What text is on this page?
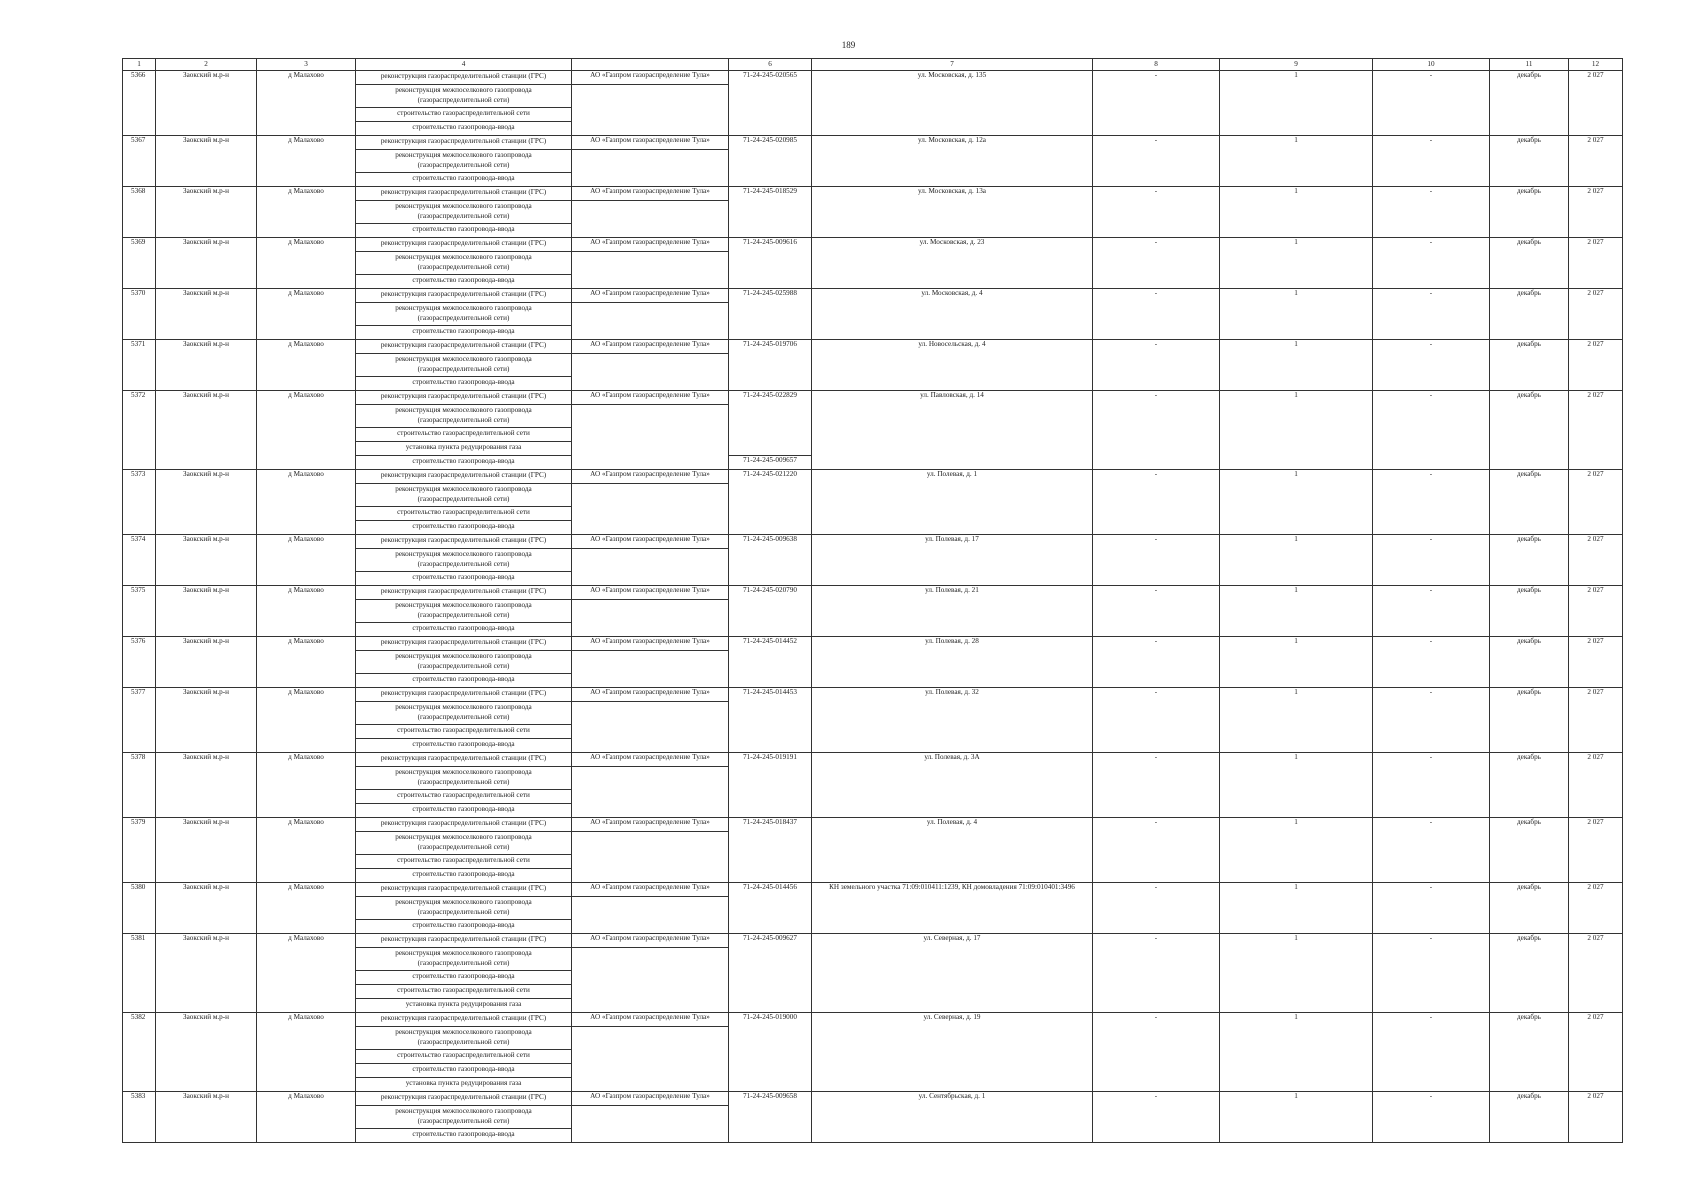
189
1	2	3	4		6	7	8	9	10	11	12
5366	Заокский м.р-н	д Малахово	реконструкция газораспределительной станции (ГРС)	АО «Газпром газораспределение Тула»	71-24-245-020565	ул. Московская, д. 135	-	1	-	декабрь	2 027
			реконструкция межпоселкового газопровода (газораспределительной сети)								
			строительство газораспределительной сети								
			строительство газопровода-ввода								
5367	Заокский м.р-н	д Малахово	реконструкция газораспределительной станции (ГРС)	АО «Газпром газораспределение Тула»	71-24-245-020985	ул. Московская, д. 12а	-	1	-	декабрь	2 027
			реконструкция межпоселкового газопровода (газораспределительной сети)								
			строительство газопровода-ввода								
5368	Заокский м.р-н	д Малахово	реконструкция газораспределительной станции (ГРС)	АО «Газпром газораспределение Тула»	71-24-245-018529	ул. Московская, д. 13а	-	1	-	декабрь	2 027
			реконструкция межпоселкового газопровода (газораспределительной сети)								
			строительство газопровода-ввода								
5369	Заокский м.р-н	д Малахово	реконструкция газораспределительной станции (ГРС)	АО «Газпром газораспределение Тула»	71-24-245-009616	ул. Московская, д. 23	-	1	-	декабрь	2 027
			реконструкция межпоселкового газопровода (газораспределительной сети)								
			строительство газопровода-ввода								
5370	Заокский м.р-н	д Малахово	реконструкция газораспределительной станции (ГРС)	АО «Газпром газораспределение Тула»	71-24-245-025988	ул. Московская, д. 4	-	1	-	декабрь	2 027
			реконструкция межпоселкового газопровода (газораспределительной сети)								
			строительство газопровода-ввода								
5371	Заокский м.р-н	д Малахово	реконструкция газораспределительной станции (ГРС)	АО «Газпром газораспределение Тула»	71-24-245-019706	ул. Новосельская, д. 4	-	1	-	декабрь	2 027
			реконструкция межпоселкового газопровода (газораспределительной сети)								
			строительство газопровода-ввода								
5372	Заокский м.р-н	д Малахово	реконструкция газораспределительной станции (ГРС)	АО «Газпром газораспределение Тула»	71-24-245-022829	ул. Павловская, д. 14	-	1	-	декабрь	2 027
			реконструкция межпоселкового газопровода (газораспределительной сети)								
			строительство газораспределительной сети								
			установка пункта редуцирования газа								
			строительство газопровода-ввода		71-24-245-009657						
5373	Заокский м.р-н	д Малахово	реконструкция газораспределительной станции (ГРС)	АО «Газпром газораспределение Тула»	71-24-245-021220	ул. Полевая, д. 1	-	1	-	декабрь	2 027
			реконструкция межпоселкового газопровода (газораспределительной сети)								
			строительство газораспределительной сети								
			строительство газопровода-ввода								
5374	Заокский м.р-н	д Малахово	реконструкция газораспределительной станции (ГРС)	АО «Газпром газораспределение Тула»	71-24-245-009638	ул. Полевая, д. 17	-	1	-	декабрь	2 027
			реконструкция межпоселкового газопровода (газораспределительной сети)								
			строительство газопровода-ввода								
5375	Заокский м.р-н	д Малахово	реконструкция газораспределительной станции (ГРС)	АО «Газпром газораспределение Тула»	71-24-245-020790	ул. Полевая, д. 21	-	1	-	декабрь	2 027
			реконструкция межпоселкового газопровода (газораспределительной сети)								
			строительство газопровода-ввода								
5376	Заокский м.р-н	д Малахово	реконструкция газораспределительной станции (ГРС)	АО «Газпром газораспределение Тула»	71-24-245-014452	ул. Полевая, д. 28	-	1	-	декабрь	2 027
			реконструкция межпоселкового газопровода (газораспределительной сети)								
			строительство газопровода-ввода								
5377	Заокский м.р-н	д Малахово	реконструкция газораспределительной станции (ГРС)	АО «Газпром газораспределение Тула»	71-24-245-014453	ул. Полевая, д. 32	-	1	-	декабрь	2 027
			реконструкция межпоселкового газопровода (газораспределительной сети)								
			строительство газораспределительной сети								
			строительство газопровода-ввода								
5378	Заокский м.р-н	д Малахово	реконструкция газораспределительной станции (ГРС)	АО «Газпром газораспределение Тула»	71-24-245-019191	ул. Полевая, д. 3А	-	1	-	декабрь	2 027
			реконструкция межпоселкового газопровода (газораспределительной сети)								
			строительство газораспределительной сети								
			строительство газопровода-ввода								
5379	Заокский м.р-н	д Малахово	реконструкция газораспределительной станции (ГРС)	АО «Газпром газораспределение Тула»	71-24-245-018437	ул. Полевая, д. 4	-	1	-	декабрь	2 027
			реконструкция межпоселкового газопровода (газораспределительной сети)								
			строительство газораспределительной сети								
			строительство газопровода-ввода								
5380	Заокский м.р-н	д Малахово	реконструкция газораспределительной станции (ГРС)	АО «Газпром газораспределение Тула»	71-24-245-014456	КН земельного участка 71:09:010411:1239, КН домовладения 71:09:010401:3496	-	1	-	декабрь	2 027
			реконструкция межпоселкового газопровода (газораспределительной сети)								
			строительство газопровода-ввода								
5381	Заокский м.р-н	д Малахово	реконструкция газораспределительной станции (ГРС)	АО «Газпром газораспределение Тула»	71-24-245-009627	ул. Северная, д. 17	-	1	-	декабрь	2 027
			реконструкция межпоселкового газопровода (газораспределительной сети)								
			строительство газопровода-ввода								
			строительство газораспределительной сети								
			установка пункта редуцирования газа								
5382	Заокский м.р-н	д Малахово	реконструкция газораспределительной станции (ГРС)	АО «Газпром газораспределение Тула»	71-24-245-019000	ул. Северная, д. 19	-	1	-	декабрь	2 027
			реконструкция межпоселкового газопровода (газораспределительной сети)								
			строительство газораспределительной сети								
			строительство газопровода-ввода								
			установка пункта редуцирования газа								
5383	Заокский м.р-н	д Малахово	реконструкция газораспределительной станции (ГРС)	АО «Газпром газораспределение Тула»	71-24-245-009658	ул. Сентябрьская, д. 1	-	1	-	декабрь	2 027
			реконструкция межпоселкового газопровода (газораспределительной сети)								
			строительство газопровода-ввода								
